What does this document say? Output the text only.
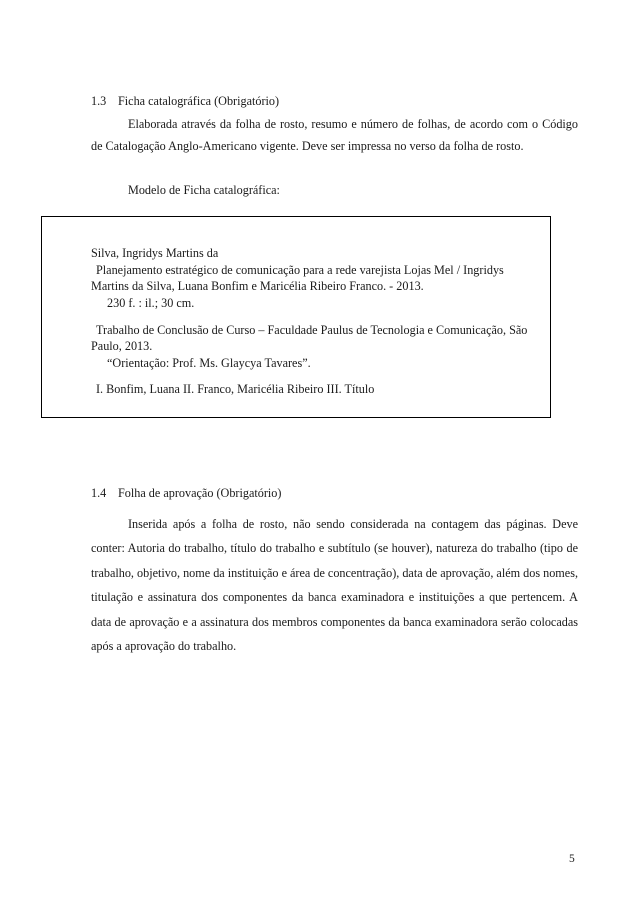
1.3 Ficha catalográfica (Obrigatório)

Elaborada através da folha de rosto, resumo e número de folhas, de acordo com o Código de Catalogação Anglo-Americano vigente. Deve ser impressa no verso da folha de rosto.

Modelo de Ficha catalográfica:

Silva, Ingridys Martins da
Planejamento estratégico de comunicação para a rede varejista Lojas Mel / Ingridys
Martins da Silva, Luana Bonfim e Maricélia Ribeiro Franco. - 2013.
230 f. : il.; 30 cm.
Trabalho de Conclusão de Curso – Faculdade Paulus de Tecnologia e Comunicação, São
Paulo, 2013.
“Orientação: Prof. Ms. Glaycya Tavares”.
I. Bonfim, Luana II. Franco, Maricélia Ribeiro III. Título
1.4 Folha de aprovação (Obrigatório)

Inserida após a folha de rosto, não sendo considerada na contagem das páginas. Deve conter: Autoria do trabalho, título do trabalho e subtítulo (se houver), natureza do trabalho (tipo de trabalho, objetivo, nome da instituição e área de concentração), data de aprovação, além dos nomes, titulação e assinatura dos componentes da banca examinadora e instituições a que pertencem. A data de aprovação e a assinatura dos membros componentes da banca examinadora serão colocadas após a aprovação do trabalho.

5
